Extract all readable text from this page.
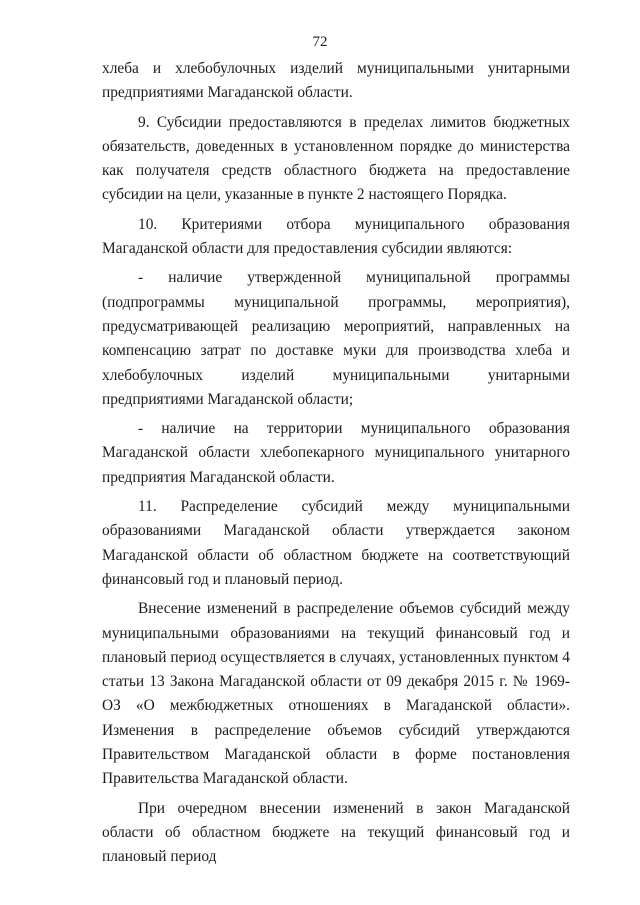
72

хлеба и хлебобулочных изделий муниципальными унитарными предприятиями Магаданской области.

9. Субсидии предоставляются в пределах лимитов бюджетных обязательств, доведенных в установленном порядке до министерства как получателя средств областного бюджета на предоставление субсидии на цели, указанные в пункте 2 настоящего Порядка.

10. Критериями отбора муниципального образования Магаданской области для предоставления субсидии являются:

- наличие утвержденной муниципальной программы (подпрограммы муниципальной программы, мероприятия), предусматривающей реализацию мероприятий, направленных на компенсацию затрат по доставке муки для производства хлеба и хлебобулочных изделий муниципальными унитарными предприятиями Магаданской области;

- наличие на территории муниципального образования Магаданской области хлебопекарного муниципального унитарного предприятия Магаданской области.

11. Распределение субсидий между муниципальными образованиями Магаданской области утверждается законом Магаданской области об областном бюджете на соответствующий финансовый год и плановый период.

Внесение изменений в распределение объемов субсидий между муниципальными образованиями на текущий финансовый год и плановый период осуществляется в случаях, установленных пунктом 4 статьи 13 Закона Магаданской области от 09 декабря 2015 г. № 1969-ОЗ «О межбюджетных отношениях в Магаданской области». Изменения в распределение объемов субсидий утверждаются Правительством Магаданской области в форме постановления Правительства Магаданской области.

При очередном внесении изменений в закон Магаданской области об областном бюджете на текущий финансовый год и плановый период
